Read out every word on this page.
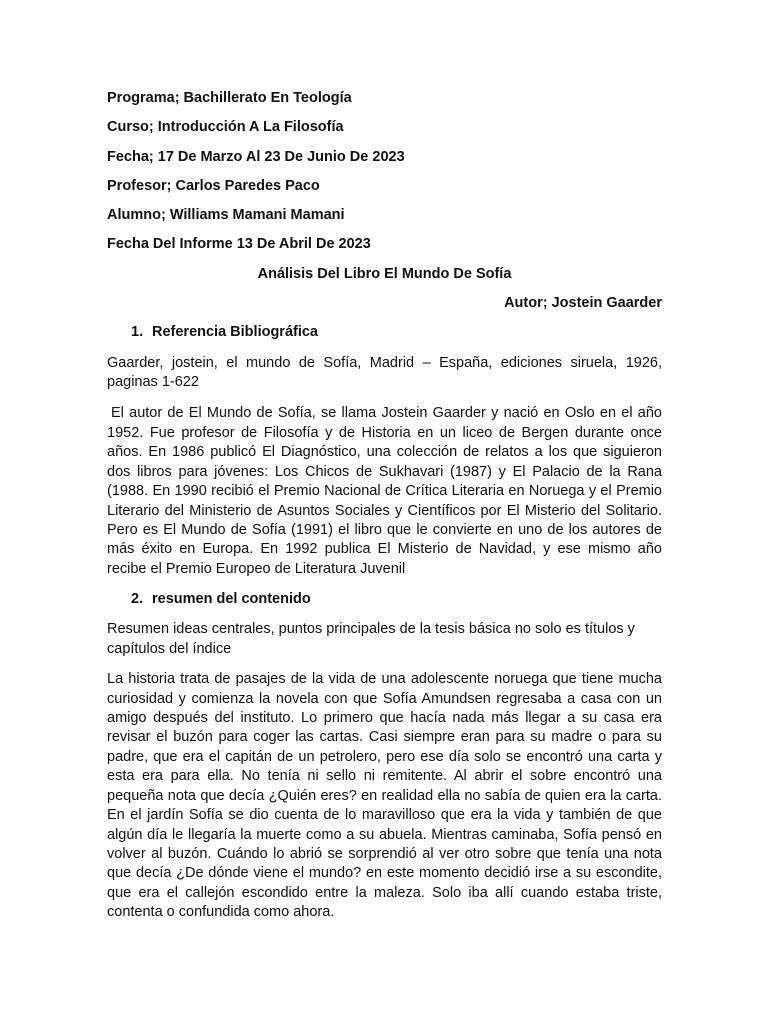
Programa; Bachillerato En Teología
Curso; Introducción A La Filosofía
Fecha; 17 De Marzo Al 23 De Junio De 2023
Profesor; Carlos Paredes Paco
Alumno; Williams Mamani Mamani
Fecha Del Informe 13 De Abril De 2023
Análisis Del Libro El Mundo De Sofía
Autor; Jostein Gaarder
1. Referencia Bibliográfica

Gaarder, jostein, el mundo de Sofía, Madrid – España, ediciones siruela, 1926, paginas 1-622

El autor de El Mundo de Sofía, se llama Jostein Gaarder y nació en Oslo en el año 1952. Fue profesor de Filosofía y de Historia en un liceo de Bergen durante once años. En 1986 publicó El Diagnóstico, una colección de relatos a los que siguieron dos libros para jóvenes: Los Chicos de Sukhavari (1987) y El Palacio de la Rana (1988. En 1990 recibió el Premio Nacional de Crítica Literaria en Noruega y el Premio Literario del Ministerio de Asuntos Sociales y Científicos por El Misterio del Solitario. Pero es El Mundo de Sofía (1991) el libro que le convierte en uno de los autores de más éxito en Europa. En 1992 publica El Misterio de Navidad, y ese mismo año recibe el Premio Europeo de Literatura Juvenil

2. resumen del contenido

Resumen ideas centrales, puntos principales de la tesis básica no solo es títulos y capítulos del índice

La historia trata de pasajes de la vida de una adolescente noruega que tiene mucha curiosidad y comienza la novela con que Sofía Amundsen regresaba a casa con un amigo después del instituto. Lo primero que hacía nada más llegar a su casa era revisar el buzón para coger las cartas. Casi siempre eran para su madre o para su padre, que era el capitán de un petrolero, pero ese día solo se encontró una carta y esta era para ella. No tenía ni sello ni remitente. Al abrir el sobre encontró una pequeña nota que decía ¿Quién eres? en realidad ella no sabía de quien era la carta. En el jardín Sofía se dio cuenta de lo maravilloso que era la vida y también de que algún día le llegaría la muerte como a su abuela. Mientras caminaba, Sofía pensó en volver al buzón. Cuándo lo abrió se sorprendió al ver otro sobre que tenía una nota que decía ¿De dónde viene el mundo? en este momento decidió irse a su escondite, que era el callejón escondido entre la maleza. Solo iba allí cuando estaba triste, contenta o confundida como ahora.
